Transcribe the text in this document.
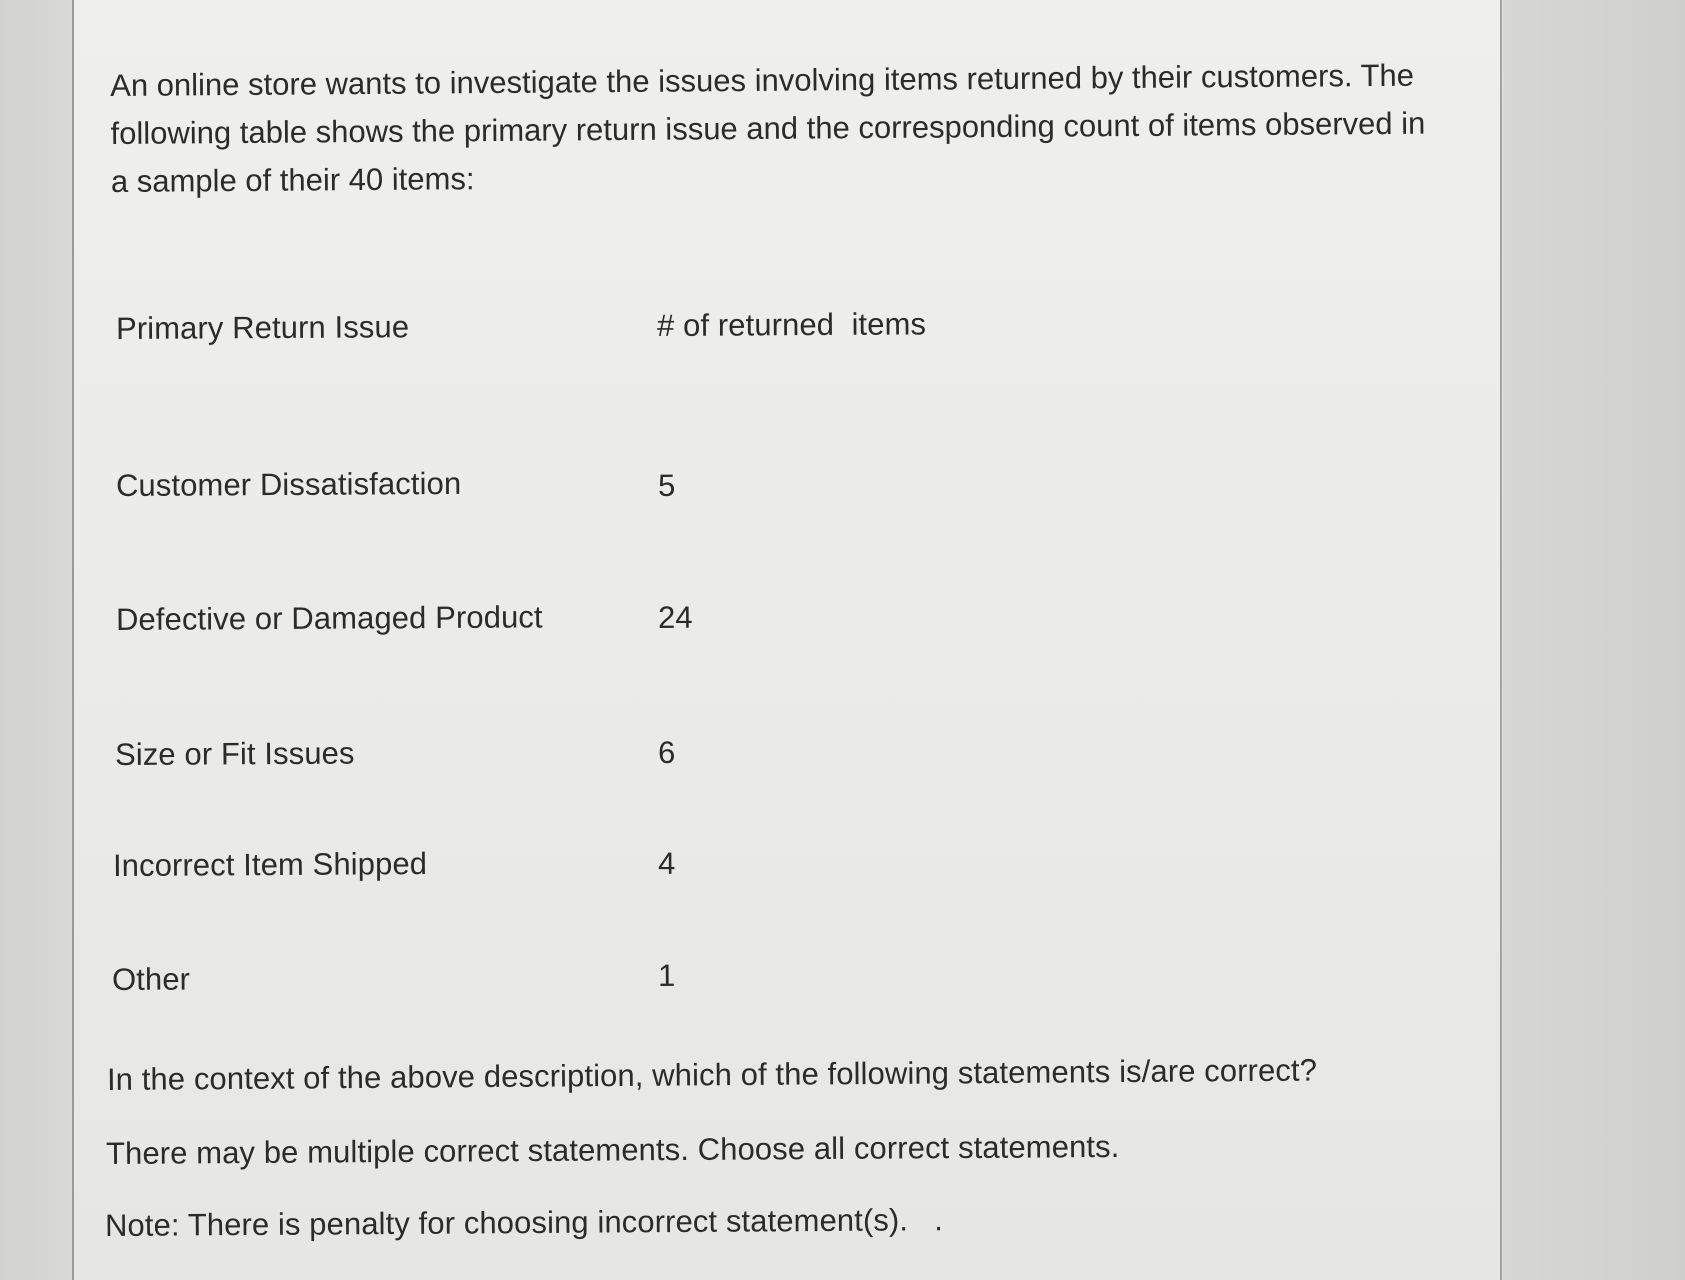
An online store wants to investigate the issues involving items returned by their customers. The
following table shows the primary return issue and the corresponding count of items observed in
a sample of their 40 items:
Primary Return Issue	# of returned  items
Customer Dissatisfaction	5
Defective or Damaged Product	24
Size or Fit Issues	6
Incorrect Item Shipped	4
Other	1
In the context of the above description, which of the following statements is/are correct?
There may be multiple correct statements. Choose all correct statements.
Note: There is penalty for choosing incorrect statement(s).   .
